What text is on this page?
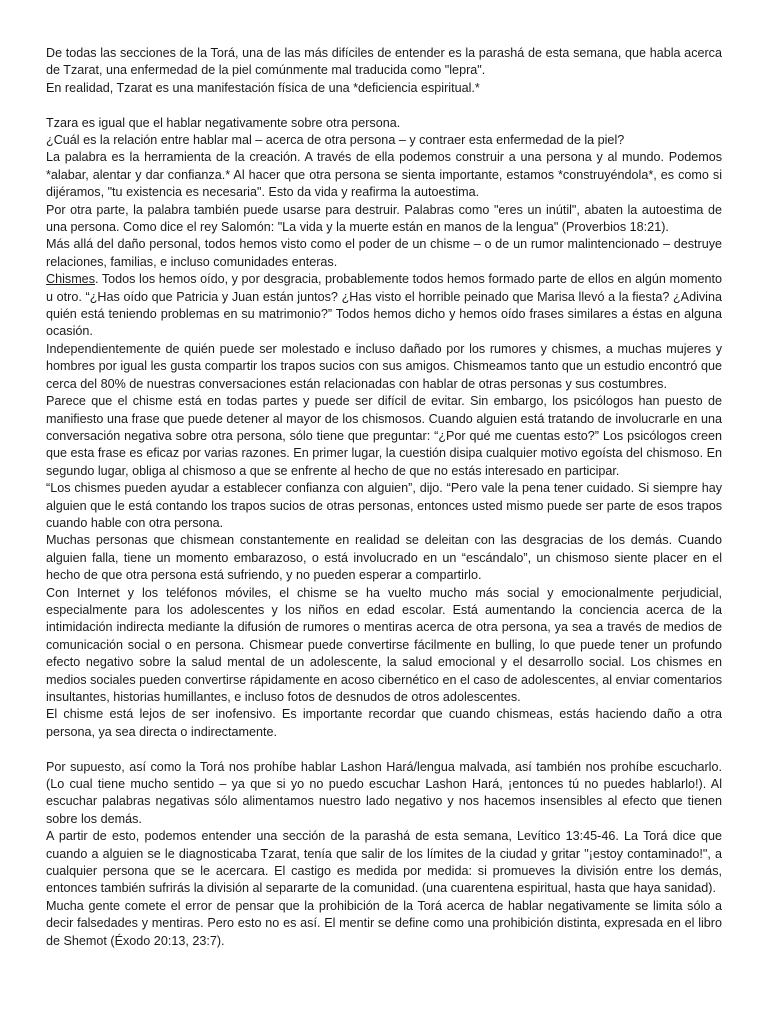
De todas las secciones de la Torá, una de las más difíciles de entender es la parashá de esta semana, que habla acerca de Tzarat, una enfermedad de la piel comúnmente mal traducida como "lepra".

En realidad, Tzarat es una manifestación física de una *deficiencia espiritual.*

Tzara es igual que el hablar negativamente sobre otra persona.

¿Cuál es la relación entre hablar mal – acerca de otra persona – y contraer esta enfermedad de la piel?

La palabra es la herramienta de la creación. A través de ella podemos construir a una persona y al mundo. Podemos *alabar, alentar y dar confianza.* Al hacer que otra persona se sienta importante, estamos *construyéndola*, es como si dijéramos, "tu existencia es necesaria". Esto da vida y reafirma la autoestima.

Por otra parte, la palabra también puede usarse para destruir. Palabras como "eres un inútil", abaten la autoestima de una persona. Como dice el rey Salomón: "La vida y la muerte están en manos de la lengua" (Proverbios 18:21).

Más allá del daño personal, todos hemos visto como el poder de un chisme – o de un rumor malintencionado – destruye relaciones, familias, e incluso comunidades enteras.

Chismes. Todos los hemos oído, y por desgracia, probablemente todos hemos formado parte de ellos en algún momento u otro. “¿Has oído que Patricia y Juan están juntos? ¿Has visto el horrible peinado que Marisa llevó a la fiesta? ¿Adivina quién está teniendo problemas en su matrimonio?” Todos hemos dicho y hemos oído frases similares a éstas en alguna ocasión.

Independientemente de quién puede ser molestado e incluso dañado por los rumores y chismes, a muchas mujeres y hombres por igual les gusta compartir los trapos sucios con sus amigos. Chismeamos tanto que un estudio encontró que cerca del 80% de nuestras conversaciones están relacionadas con hablar de otras personas y sus costumbres.

Parece que el chisme está en todas partes y puede ser difícil de evitar. Sin embargo, los psicólogos han puesto de manifiesto una frase que puede detener al mayor de los chismosos. Cuando alguien está tratando de involucrarle en una conversación negativa sobre otra persona, sólo tiene que preguntar: “¿Por qué me cuentas esto?” Los psicólogos creen que esta frase es eficaz por varias razones. En primer lugar, la cuestión disipa cualquier motivo egoísta del chismoso. En segundo lugar, obliga al chismoso a que se enfrente al hecho de que no estás interesado en participar.

“Los chismes pueden ayudar a establecer confianza con alguien”, dijo. “Pero vale la pena tener cuidado. Si siempre hay alguien que le está contando los trapos sucios de otras personas, entonces usted mismo puede ser parte de esos trapos cuando hable con otra persona.

Muchas personas que chismean constantemente en realidad se deleitan con las desgracias de los demás. Cuando alguien falla, tiene un momento embarazoso, o está involucrado en un “escándalo”, un chismoso siente placer en el hecho de que otra persona está sufriendo, y no pueden esperar a compartirlo.

Con Internet y los teléfonos móviles, el chisme se ha vuelto mucho más social y emocionalmente perjudicial, especialmente para los adolescentes y los niños en edad escolar. Está aumentando la conciencia acerca de la intimidación indirecta mediante la difusión de rumores o mentiras acerca de otra persona, ya sea a través de medios de comunicación social o en persona. Chismear puede convertirse fácilmente en bulling, lo que puede tener un profundo efecto negativo sobre la salud mental de un adolescente, la salud emocional y el desarrollo social. Los chismes en medios sociales pueden convertirse rápidamente en acoso cibernético en el caso de adolescentes, al enviar comentarios insultantes, historias humillantes, e incluso fotos de desnudos de otros adolescentes.

El chisme está lejos de ser inofensivo. Es importante recordar que cuando chismeas, estás haciendo daño a otra persona, ya sea directa o indirectamente.

Por supuesto, así como la Torá nos prohíbe hablar Lashon Hará/lengua malvada, así también nos prohíbe escucharlo. (Lo cual tiene mucho sentido – ya que si yo no puedo escuchar Lashon Hará, ¡entonces tú no puedes hablarlo!). Al escuchar palabras negativas sólo alimentamos nuestro lado negativo y nos hacemos insensibles al efecto que tienen sobre los demás.

A partir de esto, podemos entender una sección de la parashá de esta semana, Levítico 13:45-46. La Torá dice que cuando a alguien se le diagnosticaba Tzarat, tenía que salir de los límites de la ciudad y gritar "¡estoy contaminado!", a cualquier persona que se le acercara. El castigo es medida por medida: si promueves la división entre los demás, entonces también sufrirás la división al separarte de la comunidad. (una cuarentena espiritual, hasta que haya sanidad).

Mucha gente comete el error de pensar que la prohibición de la Torá acerca de hablar negativamente se limita sólo a decir falsedades y mentiras. Pero esto no es así. El mentir se define como una prohibición distinta, expresada en el libro de Shemot (Éxodo 20:13, 23:7).
